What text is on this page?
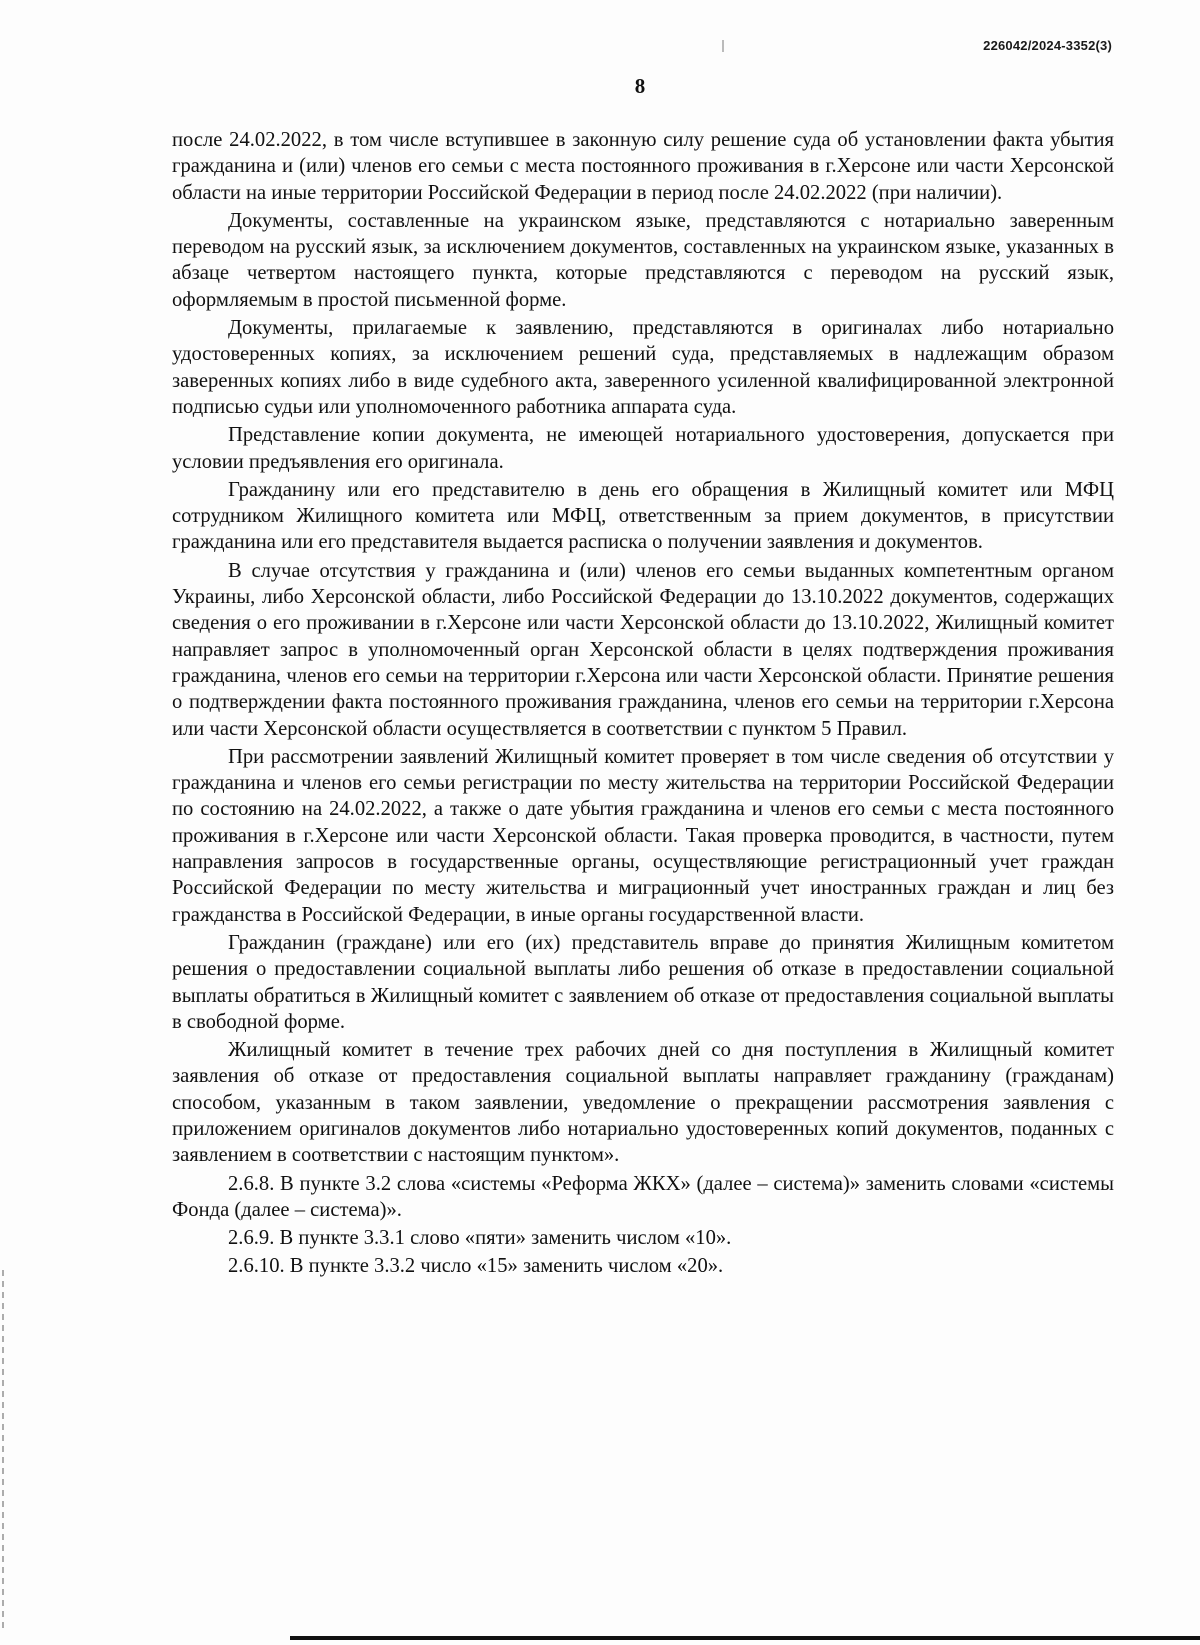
226042/2024-3352(3)
8

после 24.02.2022, в том числе вступившее в законную силу решение суда об установлении факта убытия гражданина и (или) членов его семьи с места постоянного проживания в г.Херсоне или части Херсонской области на иные территории Российской Федерации в период после 24.02.2022 (при наличии).

Документы, составленные на украинском языке, представляются с нотариально заверенным переводом на русский язык, за исключением документов, составленных на украинском языке, указанных в абзаце четвертом настоящего пункта, которые представляются с переводом на русский язык, оформляемым в простой письменной форме.

Документы, прилагаемые к заявлению, представляются в оригиналах либо нотариально удостоверенных копиях, за исключением решений суда, представляемых в надлежащим образом заверенных копиях либо в виде судебного акта, заверенного усиленной квалифицированной электронной подписью судьи или уполномоченного работника аппарата суда.

Представление копии документа, не имеющей нотариального удостоверения, допускается при условии предъявления его оригинала.

Гражданину или его представителю в день его обращения в Жилищный комитет или МФЦ сотрудником Жилищного комитета или МФЦ, ответственным за прием документов, в присутствии гражданина или его представителя выдается расписка о получении заявления и документов.

В случае отсутствия у гражданина и (или) членов его семьи выданных компетентным органом Украины, либо Херсонской области, либо Российской Федерации до 13.10.2022 документов, содержащих сведения о его проживании в г.Херсоне или части Херсонской области до 13.10.2022, Жилищный комитет направляет запрос в уполномоченный орган Херсонской области в целях подтверждения проживания гражданина, членов его семьи на территории г.Херсона или части Херсонской области. Принятие решения о подтверждении факта постоянного проживания гражданина, членов его семьи на территории г.Херсона или части Херсонской области осуществляется в соответствии с пунктом 5 Правил.

При рассмотрении заявлений Жилищный комитет проверяет в том числе сведения об отсутствии у гражданина и членов его семьи регистрации по месту жительства на территории Российской Федерации по состоянию на 24.02.2022, а также о дате убытия гражданина и членов его семьи с места постоянного проживания в г.Херсоне или части Херсонской области. Такая проверка проводится, в частности, путем направления запросов в государственные органы, осуществляющие регистрационный учет граждан Российской Федерации по месту жительства и миграционный учет иностранных граждан и лиц без гражданства в Российской Федерации, в иные органы государственной власти.

Гражданин (граждане) или его (их) представитель вправе до принятия Жилищным комитетом решения о предоставлении социальной выплаты либо решения об отказе в предоставлении социальной выплаты обратиться в Жилищный комитет с заявлением об отказе от предоставления социальной выплаты в свободной форме.

Жилищный комитет в течение трех рабочих дней со дня поступления в Жилищный комитет заявления об отказе от предоставления социальной выплаты направляет гражданину (гражданам) способом, указанным в таком заявлении, уведомление о прекращении рассмотрения заявления с приложением оригиналов документов либо нотариально удостоверенных копий документов, поданных с заявлением в соответствии с настоящим пунктом».

2.6.8. В пункте 3.2 слова «системы «Реформа ЖКХ» (далее – система)» заменить словами «системы Фонда (далее – система)».

2.6.9. В пункте 3.3.1 слово «пяти» заменить числом «10».

2.6.10. В пункте 3.3.2 число «15» заменить числом «20».
